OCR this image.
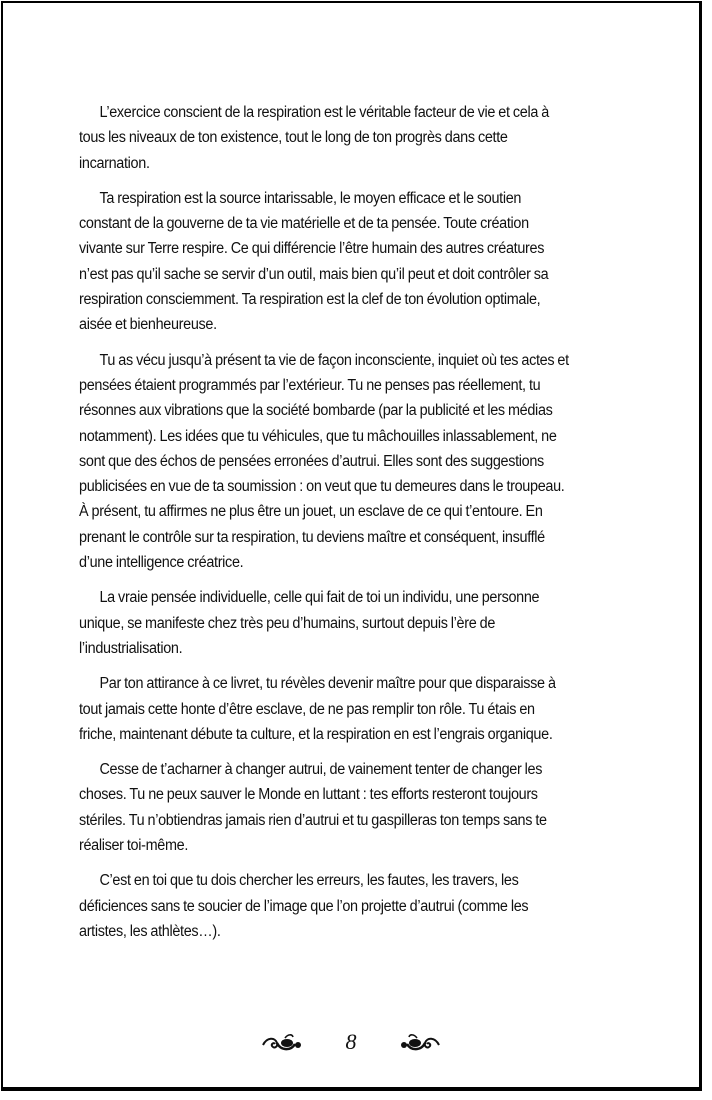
L’exercice conscient de la respiration est le véritable facteur de vie et cela à tous les niveaux de ton existence, tout le long de ton progrès dans cette incarnation.

Ta respiration est la source intarissable, le moyen efficace et le soutien constant de la gouverne de ta vie matérielle et de ta pensée. Toute création vivante sur Terre respire. Ce qui différencie l’être humain des autres créatures n’est pas qu’il sache se servir d’un outil, mais bien qu’il peut et doit contrôler sa respiration consciemment. Ta respiration est la clef de ton évolution optimale, aisée et bienheureuse.

Tu as vécu jusqu’à présent ta vie de façon inconsciente, inquiet où tes actes et pensées étaient programmés par l’extérieur. Tu ne penses pas réellement, tu résonnes aux vibrations que la société bombarde (par la publicité et les médias notamment). Les idées que tu véhicules, que tu mâchouilles inlassablement, ne sont que des échos de pensées erronées d’autrui. Elles sont des suggestions publicisées en vue de ta soumission : on veut que tu demeures dans le troupeau. À présent, tu affirmes ne plus être un jouet, un esclave de ce qui t’entoure. En prenant le contrôle sur ta respiration, tu deviens maître et conséquent, insufflé d’une intelligence créatrice.

La vraie pensée individuelle, celle qui fait de toi un individu, une personne unique, se manifeste chez très peu d’humains, surtout depuis l’ère de l’industrialisation.

Par ton attirance à ce livret, tu révèles devenir maître pour que disparaisse à tout jamais cette honte d’être esclave, de ne pas remplir ton rôle. Tu étais en friche, maintenant débute ta culture, et la respiration en est l’engrais organique.

Cesse de t’acharner à changer autrui, de vainement tenter de changer les choses. Tu ne peux sauver le Monde en luttant : tes efforts resteront toujours stériles. Tu n’obtiendras jamais rien d’autrui et tu gaspilleras ton temps sans te réaliser toi-même.

C’est en toi que tu dois chercher les erreurs, les fautes, les travers, les déficiences sans te soucier de l’image que l’on projette d’autrui (comme les artistes, les athlètes…).

8
